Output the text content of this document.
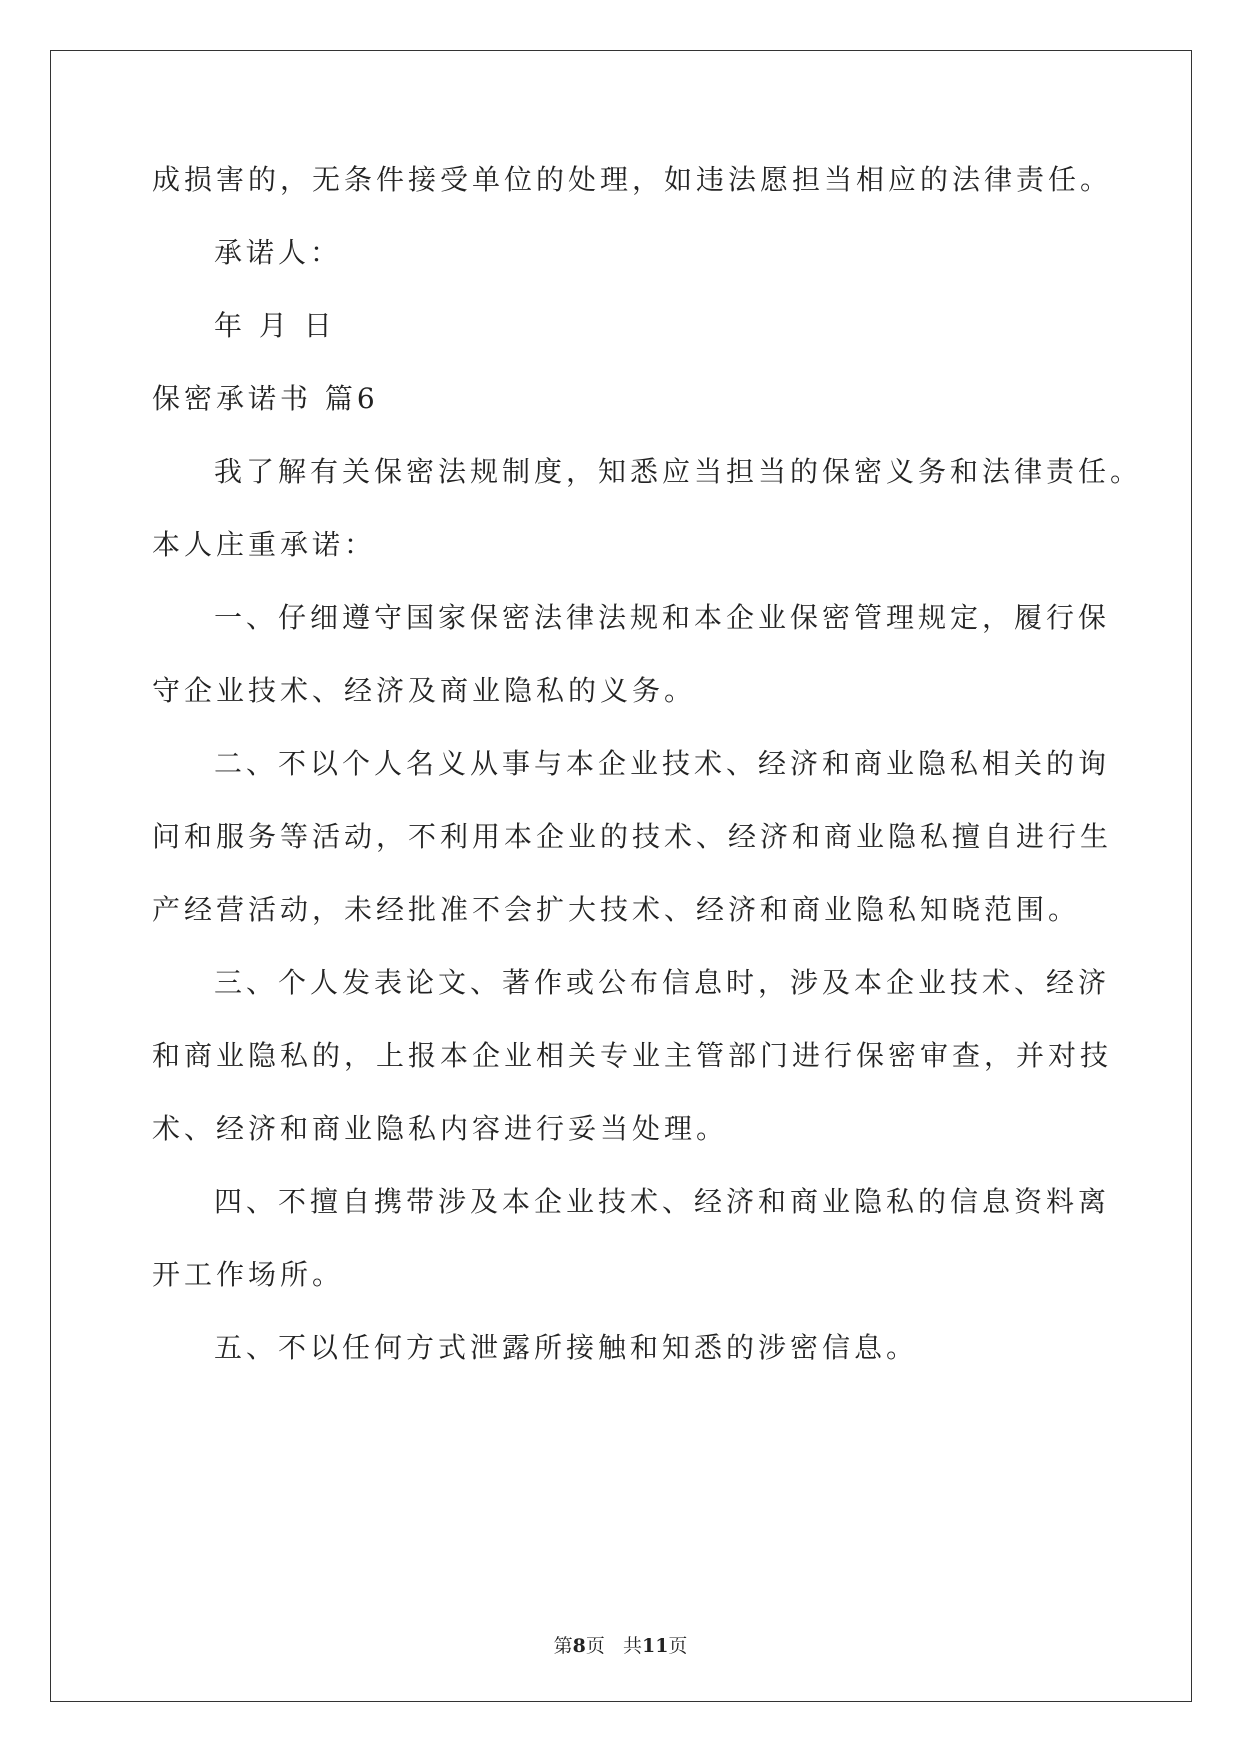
成损害的，无条件接受单位的处理，如违法愿担当相应的法律责任。
承诺人：
年 月 日
保密承诺书 篇6
我了解有关保密法规制度，知悉应当担当的保密义务和法律责任。
本人庄重承诺：
一、仔细遵守国家保密法律法规和本企业保密管理规定，履行保
守企业技术、经济及商业隐私的义务。
二、不以个人名义从事与本企业技术、经济和商业隐私相关的询
问和服务等活动，不利用本企业的技术、经济和商业隐私擅自进行生
产经营活动，未经批准不会扩大技术、经济和商业隐私知晓范围。
三、个人发表论文、著作或公布信息时，涉及本企业技术、经济
和商业隐私的，上报本企业相关专业主管部门进行保密审查，并对技
术、经济和商业隐私内容进行妥当处理。
四、不擅自携带涉及本企业技术、经济和商业隐私的信息资料离
开工作场所。
五、不以任何方式泄露所接触和知悉的涉密信息。
第8页 共11页
